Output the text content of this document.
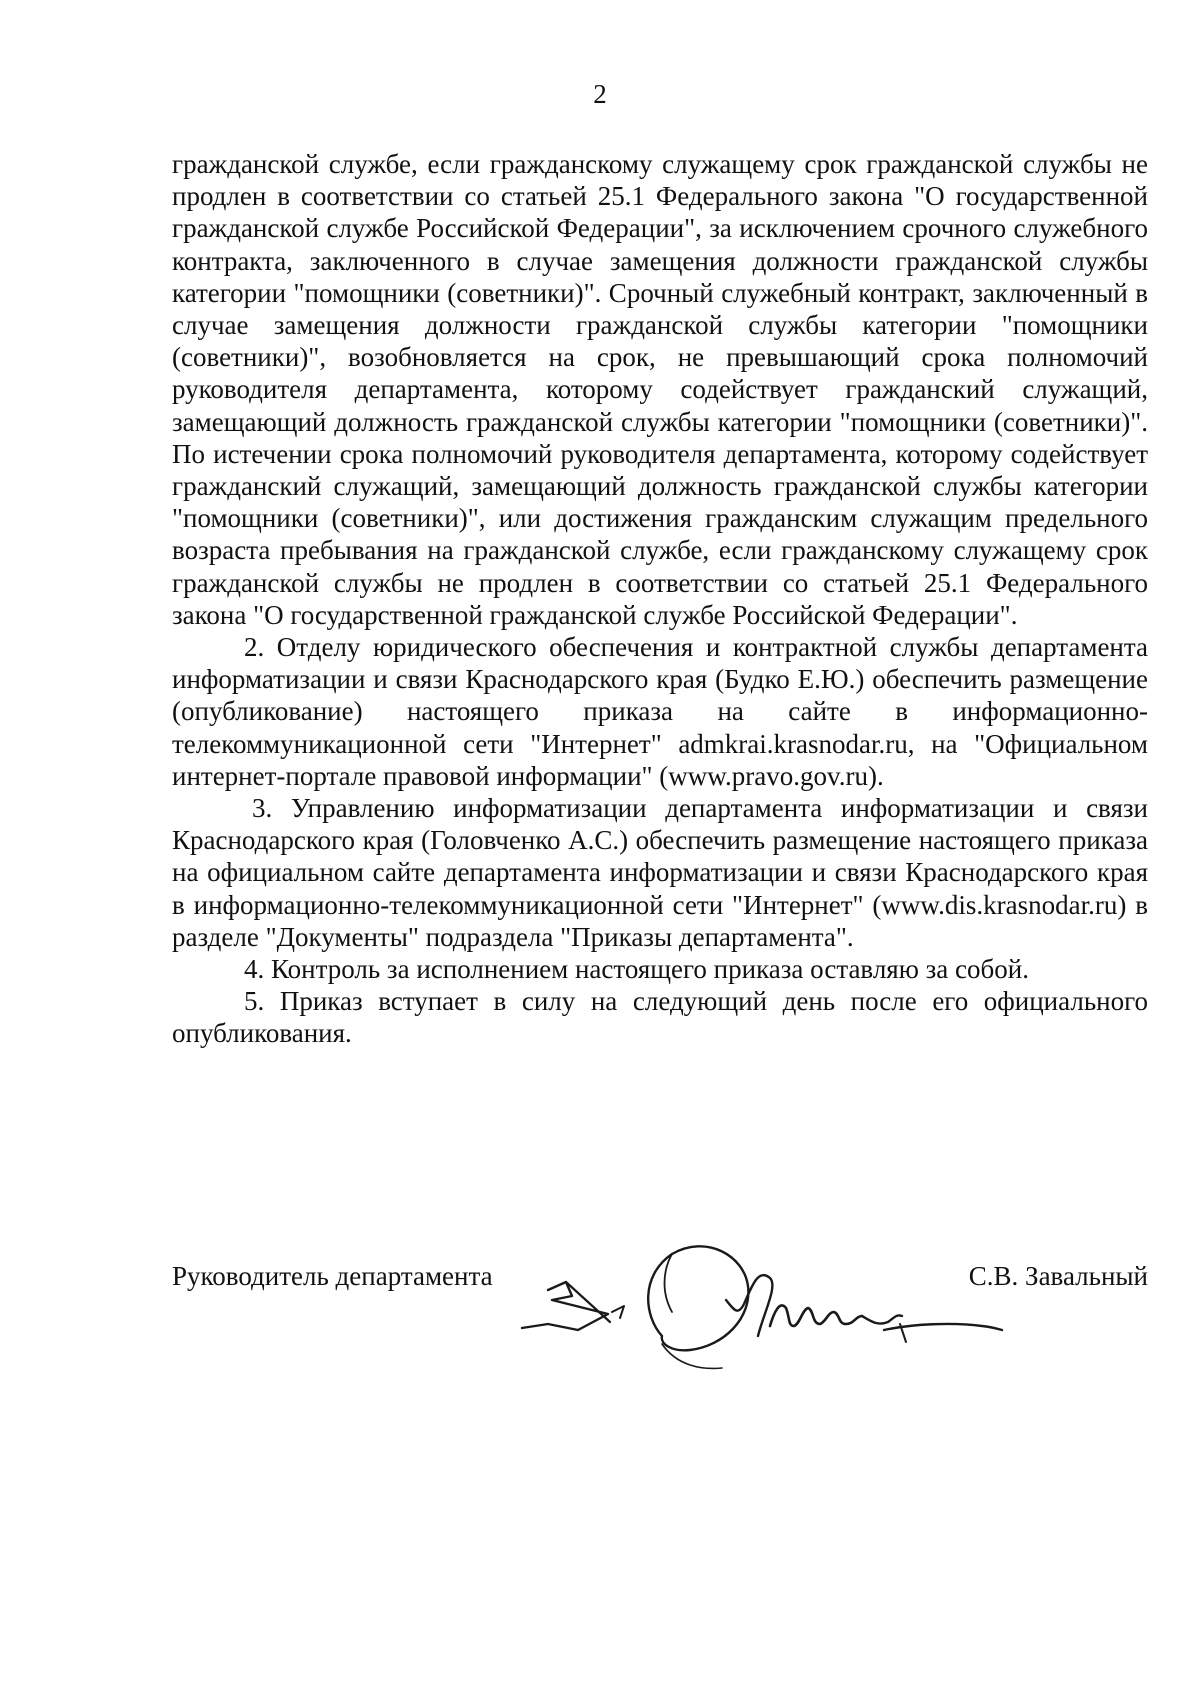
2

гражданской службе, если гражданскому служащему срок гражданской службы не продлен в соответствии со статьей 25.1 Федерального закона "О государственной гражданской службе Российской Федерации", за исключением срочного служебного контракта, заключенного в случае замещения должности гражданской службы категории "помощники (советники)". Срочный служебный контракт, заключенный в случае замещения должности гражданской службы категории "помощники (советники)", возобновляется на срок, не превышающий срока полномочий руководителя департамента, которому содействует гражданский служащий, замещающий должность гражданской службы категории "помощники (советники)". По истечении срока полномочий руководителя департамента, которому содействует гражданский служащий, замещающий должность гражданской службы категории "помощники (советники)", или достижения гражданским служащим предельного возраста пребывания на гражданской службе, если гражданскому служащему срок гражданской службы не продлен в соответствии со статьей 25.1 Федерального закона "О государственной гражданской службе Российской Федерации".

2. Отделу юридического обеспечения и контрактной службы департамента информатизации и связи Краснодарского края (Будко Е.Ю.) обеспечить размещение (опубликование) настоящего приказа на сайте в информационно-телекоммуникационной сети "Интернет" admkrai.krasnodar.ru, на "Официальном интернет-портале правовой информации" (www.pravo.gov.ru).

3. Управлению информатизации департамента информатизации и связи Краснодарского края (Головченко А.С.) обеспечить размещение настоящего приказа на официальном сайте департамента информатизации и связи Краснодарского края в информационно-телекоммуникационной сети "Интернет" (www.dis.krasnodar.ru) в разделе "Документы" подраздела "Приказы департамента".

4. Контроль за исполнением настоящего приказа оставляю за собой.

5. Приказ вступает в силу на следующий день после его официального опубликования.

Руководитель департамента	С.В. Завальный
